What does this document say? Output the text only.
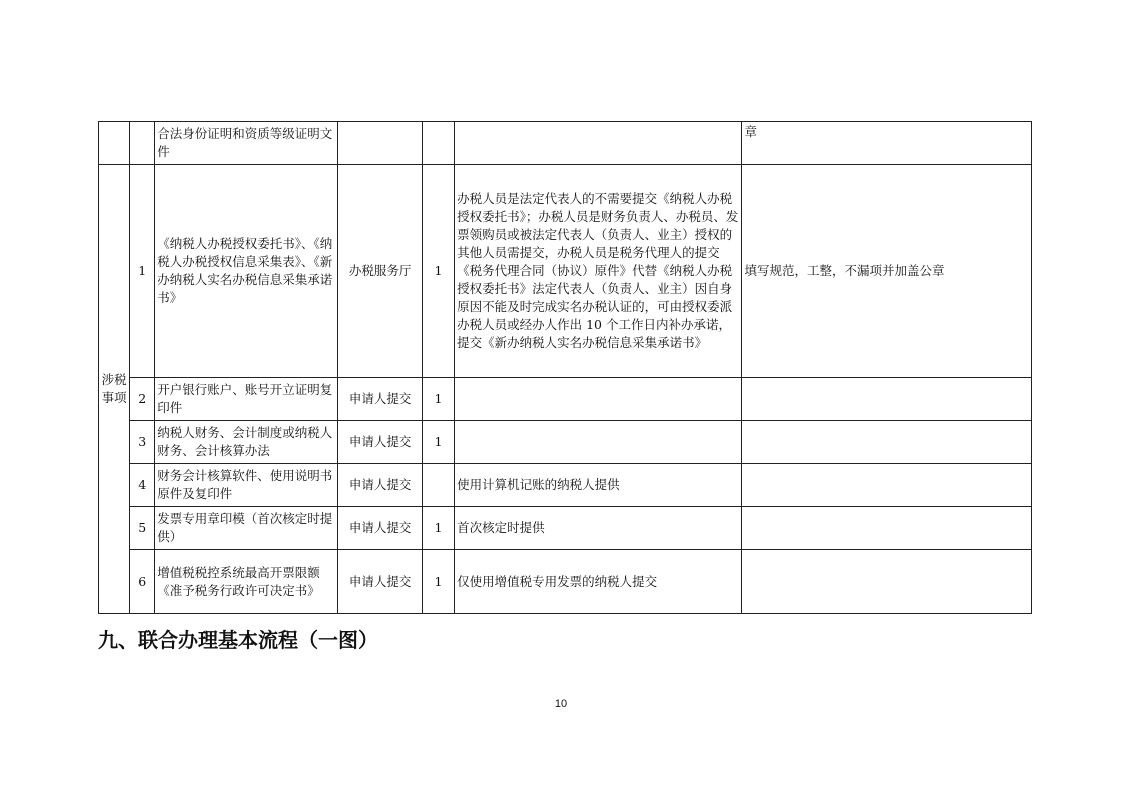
		合法身份证明和资质等级证明文件				章
涉税事项	1	《纳税人办税授权委托书》、《纳税人办税授权信息采集表》、《新办纳税人实名办税信息采集承诺书》	办税服务厅	1	办税人员是法定代表人的不需要提交《纳税人办税授权委托书》；办税人员是财务负责人、办税员、发票领购员或被法定代表人（负责人、业主）授权的其他人员需提交，办税人员是税务代理人的提交《税务代理合同（协议）原件》代替《纳税人办税授权委托书》法定代表人（负责人、业主）因自身原因不能及时完成实名办税认证的，可由授权委派办税人员或经办人作出 10 个工作日内补办承诺，提交《新办纳税人实名办税信息采集承诺书》	填写规范，工整，不漏项并加盖公章
	2	开户银行账户、账号开立证明复印件	申请人提交	1		
	3	纳税人财务、会计制度或纳税人财务、会计核算办法	申请人提交	1		
	4	财务会计核算软件、使用说明书原件及复印件	申请人提交		使用计算机记账的纳税人提供	
	5	发票专用章印模（首次核定时提供）	申请人提交	1	首次核定时提供	
	6	增值税税控系统最高开票限额《准予税务行政许可决定书》	申请人提交	1	仅使用增值税专用发票的纳税人提交	
九、联合办理基本流程（一图）
10
